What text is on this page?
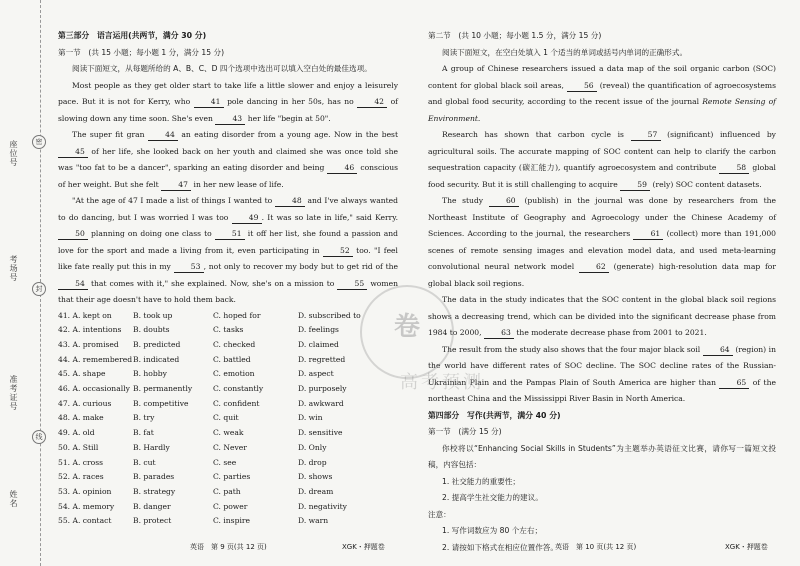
座位号
考场号
准考证号
姓名
密
封
线
第三部分　语言运用(共两节，满分 30 分)
第一节　(共 15 小题；每小题 1 分，满分 15 分)

阅读下面短文，从每题所给的 A、B、C、D 四个选项中选出可以填入空白处的最佳选项。

Most people as they get older start to take life a little slower and enjoy a leisurely pace. But it is not for Kerry, who	41 pole dancing in her 50s, has no	42 of slowing down any time soon. She's even	43 her life "begin at 50".

The super fit gran	44 an eating disorder from a young age. Now in the best 45 of her life, she looked back on her youth and claimed she was once told she was "too fat to be a dancer", sparking an eating disorder and being	46 conscious of her weight. But she felt	47 in her new lease of life.

"At the age of 47 I made a list of things I wanted to	48 and I've always wanted to do dancing, but I was worried I was too	49 . It was so late in life," said Kerry. 50 planning on doing one class to	51 it off her list, she found a passion and love for the sport and made a living from it, even participating in	52 too. "I feel like fate really put this in my	53 , not only to recover my body but to get rid of the 54 that comes with it," she explained. Now, she's on a mission to	55 women that their age doesn't have to hold them back.

41. A. kept on	B. took up	C. hoped for	D. subscribed to
42. A. intentions	B. doubts	C. tasks	D. feelings
43. A. promised	B. predicted	C. checked	D. claimed
44. A. remembered B. indicated	C. battled	D. regretted
45. A. shape	B. hobby	C. emotion	D. aspect
46. A. occasionally B. permanently	C. constantly	D. purposely
47. A. curious	B. competitive	C. confident	D. awkward
48. A. make	B. try	C. quit	D. win
49. A. old	B. fat	C. weak	D. sensitive
50. A. Still	B. Hardly	C. Never	D. Only
51. A. cross	B. cut	C. see	D. drop
52. A. races	B. parades	C. parties	D. shows
53. A. opinion	B. strategy	C. path	D. dream
54. A. memory	B. danger	C. power	D. negativity
55. A. contact	B. protect	C. inspire	D. warn
英语　第 9 页(共 12 页)	XGK・押题卷
第二节　(共 10 小题；每小题 1.5 分，满分 15 分)

阅读下面短文，在空白处填入 1 个适当的单词或括号内单词的正确形式。

A group of Chinese researchers issued a data map of the soil organic carbon (SOC) content for global black soil areas,	56 (reveal) the quantification of agroecosystems and global food security, according to the recent issue of the journal Remote Sensing of Environment.

Research has shown that carbon cycle is	57 (significant) influenced by agricultural soils. The accurate mapping of SOC content can help to clarify the carbon sequestration capacity (碳汇能力), quantify agroecosystem and contribute	58 global food security. But it is still challenging to acquire	59 (rely) SOC content datasets.

The study	60 (publish) in the journal was done by researchers from the Northeast Institute of Geography and Agroecology under the Chinese Academy of Sciences. According to the journal, the researchers	61 (collect) more than 191,000 scenes of remote sensing images and elevation model data, and used meta-learning convolutional neural network model	62 (generate) high-resolution data map for global black soil regions.

The data in the study indicates that the SOC content in the global black soil regions shows a decreasing trend, which can be divided into the significant decrease phase from 1984 to 2000,	63 the moderate decrease phase from 2001 to 2021.

The result from the study also shows that the four major black soil	64 (region) in the world have different rates of SOC decline. The SOC decline rates of the Russian-Ukrainian Plain and the Pampas Plain of South America are higher than	65 of the northeast China and the Mississippi River Basin in North America.

第四部分　写作(共两节，满分 40 分)
第一节　(满分 15 分)

你校将以“Enhancing Social Skills in Students”为主题举办英语征文比赛，请你写一篇短文投稿，内容包括：

1. 社交能力的重要性；

2. 提高学生社交能力的建议。

注意：

1. 写作词数应为 80 个左右；

2. 请按如下格式在相应位置作答。

英语　第 10 页(共 12 页)	XGK・押题卷
卷
高考预测
